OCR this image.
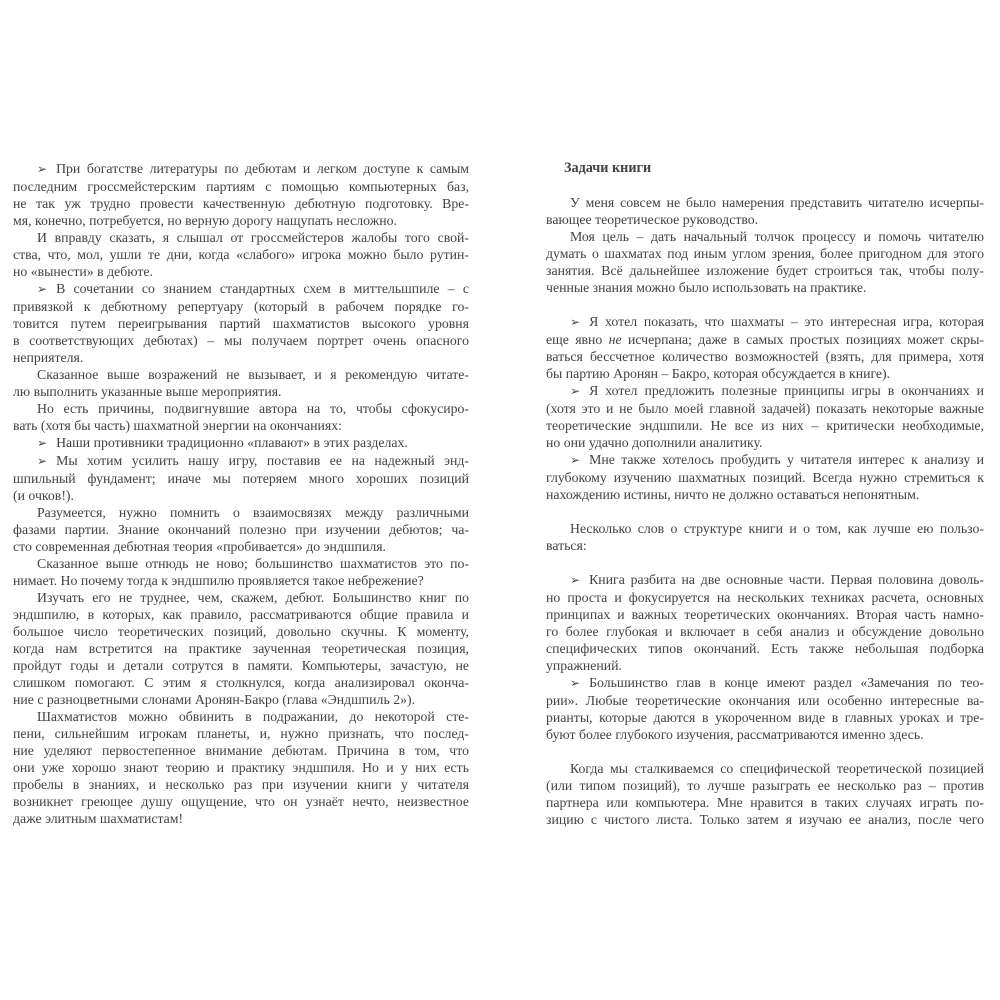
➢ При богатстве литературы по дебютам и легком доступе к самым
последним гроссмейстерским партиям с помощью компьютерных баз,
не так уж трудно провести качественную дебютную подготовку. Вре-
мя, конечно, потребуется, но верную дорогу нащупать несложно.
И вправду сказать, я слышал от гроссмейстеров жалобы того свой-
ства, что, мол, ушли те дни, когда «слабого» игрока можно было рутин-
но «вынести» в дебюте.
➢ В сочетании со знанием стандартных схем в миттельшпиле – с
привязкой к дебютному репертуару (который в рабочем порядке го-
товится путем переигрывания партий шахматистов высокого уровня
в соответствующих дебютах) – мы получаем портрет очень опасного
неприятеля.
Сказанное выше возражений не вызывает, и я рекомендую читате-
лю выполнить указанные выше мероприятия.
Но есть причины, подвигнувшие автора на то, чтобы сфокусиро-
вать (хотя бы часть) шахматной энергии на окончаниях:
➢ Наши противники традиционно «плавают» в этих разделах.
➢ Мы хотим усилить нашу игру, поставив ее на надежный энд-
шпильный фундамент; иначе мы потеряем много хороших позиций
(и очков!).
Разумеется, нужно помнить о взаимосвязях между различными
фазами партии. Знание окончаний полезно при изучении дебютов; ча-
сто современная дебютная теория «пробивается» до эндшпиля.
Сказанное выше отнюдь не ново; большинство шахматистов это по-
нимает. Но почему тогда к эндшпилю проявляется такое небрежение?
Изучать его не труднее, чем, скажем, дебют. Большинство книг по
эндшпилю, в которых, как правило, рассматриваются общие правила и
большое число теоретических позиций, довольно скучны. К моменту,
когда нам встретится на практике заученная теоретическая позиция,
пройдут годы и детали сотрутся в памяти. Компьютеры, зачастую, не
слишком помогают. С этим я столкнулся, когда анализировал оконча-
ние с разноцветными слонами Аронян-Бакро (глава «Эндшпиль 2»).
Шахматистов можно обвинить в подражании, до некоторой сте-
пени, сильнейшим игрокам планеты, и, нужно признать, что послед-
ние уделяют первостепенное внимание дебютам. Причина в том, что
они уже хорошо знают теорию и практику эндшпиля. Но и у них есть
пробелы в знаниях, и несколько раз при изучении книги у читателя
возникнет греющее душу ощущение, что он узнаёт нечто, неизвестное
даже элитным шахматистам!
Задачи книги
У меня совсем не было намерения представить читателю исчерпы-
вающее теоретическое руководство.
Моя цель – дать начальный толчок процессу и помочь читателю
думать о шахматах под иным углом зрения, более пригодном для этого
занятия. Всё дальнейшее изложение будет строиться так, чтобы полу-
ченные знания можно было использовать на практике.
➢ Я хотел показать, что шахматы – это интересная игра, которая
еще явно не исчерпана; даже в самых простых позициях может скры-
ваться бессчетное количество возможностей (взять, для примера, хотя
бы партию Аронян – Бакро, которая обсуждается в книге).
➢ Я хотел предложить полезные принципы игры в окончаниях и
(хотя это и не было моей главной задачей) показать некоторые важные
теоретические эндшпили. Не все из них – критически необходимые,
но они удачно дополнили аналитику.
➢ Мне также хотелось пробудить у читателя интерес к анализу и
глубокому изучению шахматных позиций. Всегда нужно стремиться к
нахождению истины, ничто не должно оставаться непонятным.
Несколько слов о структуре книги и о том, как лучше ею пользо-
ваться:
➢ Книга разбита на две основные части. Первая половина доволь-
но проста и фокусируется на нескольких техниках расчета, основных
принципах и важных теоретических окончаниях. Вторая часть намно-
го более глубокая и включает в себя анализ и обсуждение довольно
специфических типов окончаний. Есть также небольшая подборка
упражнений.
➢ Большинство глав в конце имеют раздел «Замечания по тео-
рии». Любые теоретические окончания или особенно интересные ва-
рианты, которые даются в укороченном виде в главных уроках и тре-
буют более глубокого изучения, рассматриваются именно здесь.
Когда мы сталкиваемся со специфической теоретической позицией
(или типом позиций), то лучше разыграть ее несколько раз – против
партнера или компьютера. Мне нравится в таких случаях играть по-
зицию с чистого листа. Только затем я изучаю ее анализ, после чего
